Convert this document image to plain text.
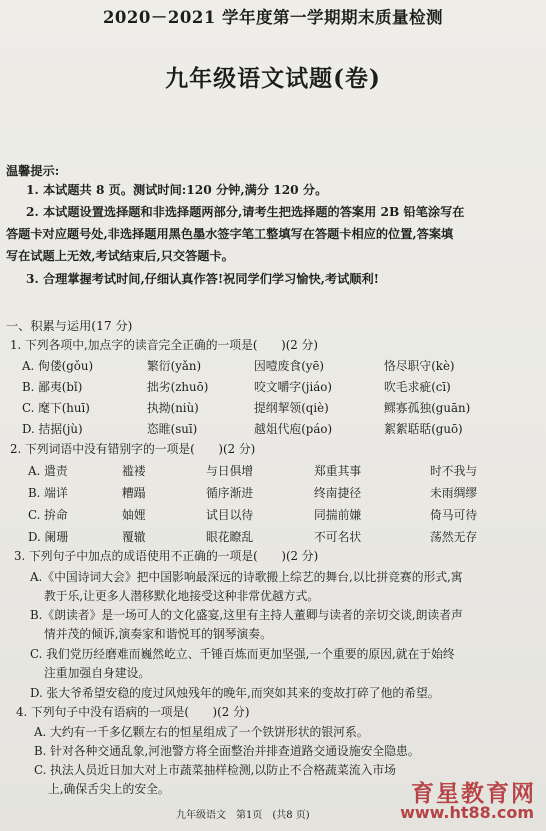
2020－2021 学年度第一学期期末质量检测
九年级语文试题(卷)
温馨提示:
1. 本试题共 8 页。测试时间:120 分钟,满分 120 分。
2. 本试题设置选择题和非选择题两部分,请考生把选择题的答案用 2B 铅笔涂写在
答题卡对应题号处,非选择题用黑色墨水签字笔工整填写在答题卡相应的位置,答案填
写在试题上无效,考试结束后,只交答题卡。
3. 合理掌握考试时间,仔细认真作答!祝同学们学习愉快,考试顺利!
一、积累与运用(17 分)
1. 下列各项中,加点字的读音完全正确的一项是(　　)(2 分)
A. 佝偻(gǒu)	繁衍(yǎn)	因噎废食(yē)	恪尽职守(kè)
B. 鄙夷(bǐ)	拙劣(zhuō)	咬文嚼字(jiáo)	吹毛求疵(cī)
C. 麾下(huī)	执拗(niù)	提纲挈领(qiè)	鳏寡孤独(guān)
D. 拮据(jù)	恣睢(suī)	越俎代庖(páo)	絮絮聒聒(guō)
2. 下列词语中没有错别字的一项是(　　)(2 分)
A. 遣责	褴褛	与日俱增	郑重其事	时不我与
B. 端详	糟蹋	循序渐进	终南捷径	未雨绸缪
C. 拚命	妯娌	试目以待	同揣前嫌	倚马可待
D. 阑珊	覆辙	眼花瞭乱	不可名状	荡然无存
3. 下列句子中加点的成语使用不正确的一项是(　　)(2 分)
A.《中国诗词大会》把中国影响最深远的诗歌搬上综艺的舞台,以比拼竞赛的形式,寓
教于乐,让更多人潜移默化地接受这种非常优越方式。
B.《朗读者》是一场可人的文化盛宴,这里有主持人董卿与读者的亲切交谈,朗读者声
情并茂的倾诉,演奏家和谐悦耳的钢琴演奏。
C. 我们党历经磨难而巍然屹立、千锤百炼而更加坚强,一个重要的原因,就在于始终
注重加强自身建设。
D. 张大爷希望安稳的度过风烛残年的晚年,而突如其来的变故打碎了他的希望。
4. 下列句子中没有语病的一项是(　　)(2 分)
A. 大约有一千多亿颗左右的恒星组成了一个铁饼形状的银河系。
B. 针对各种交通乱象,河池警方将全面整治并排查道路交通设施安全隐患。
C. 执法人员近日加大对上市蔬菜抽样检测,以防止不合格蔬菜流入市场
上,确保舌尖上的安全。
九年级语文　第1页　(共8 页)
育星教育网
www.ht88.com
